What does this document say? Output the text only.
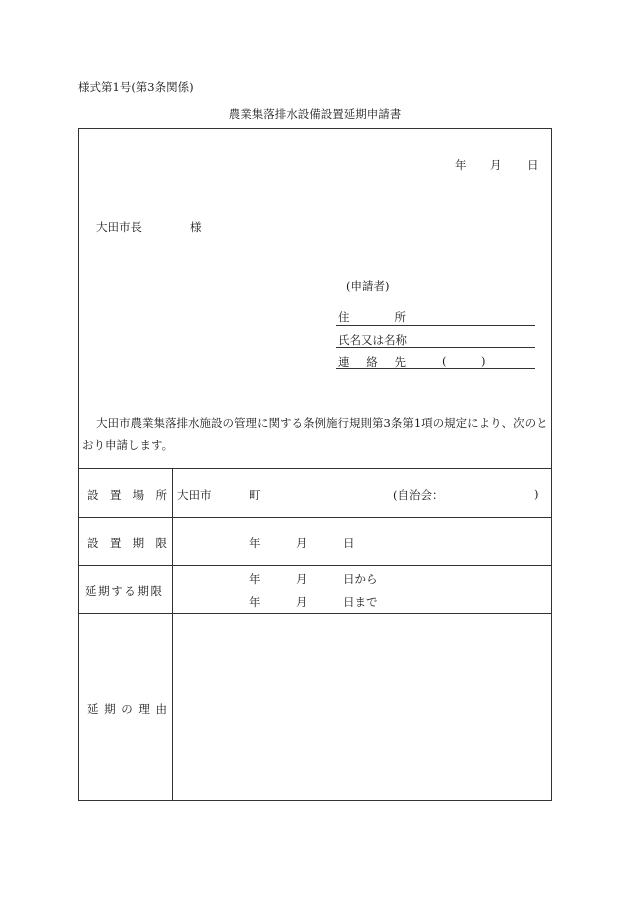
様式第1号(第3条関係)
農業集落排水設備設置延期申請書
年 月 日
大田市長	様
(申請者)
住	所
氏名又は名称
連 絡 先	(	)
大田市農業集落排水施設の管理に関する条例施行規則第3条第1項の規定により、次のと
おり申請します。
設 置 場 所 大田市	町	(自治会：	)
設 置 期 限	年	月	日
延期する期限
年	月	日から
年	月	日まで
延 期 の 理 由
